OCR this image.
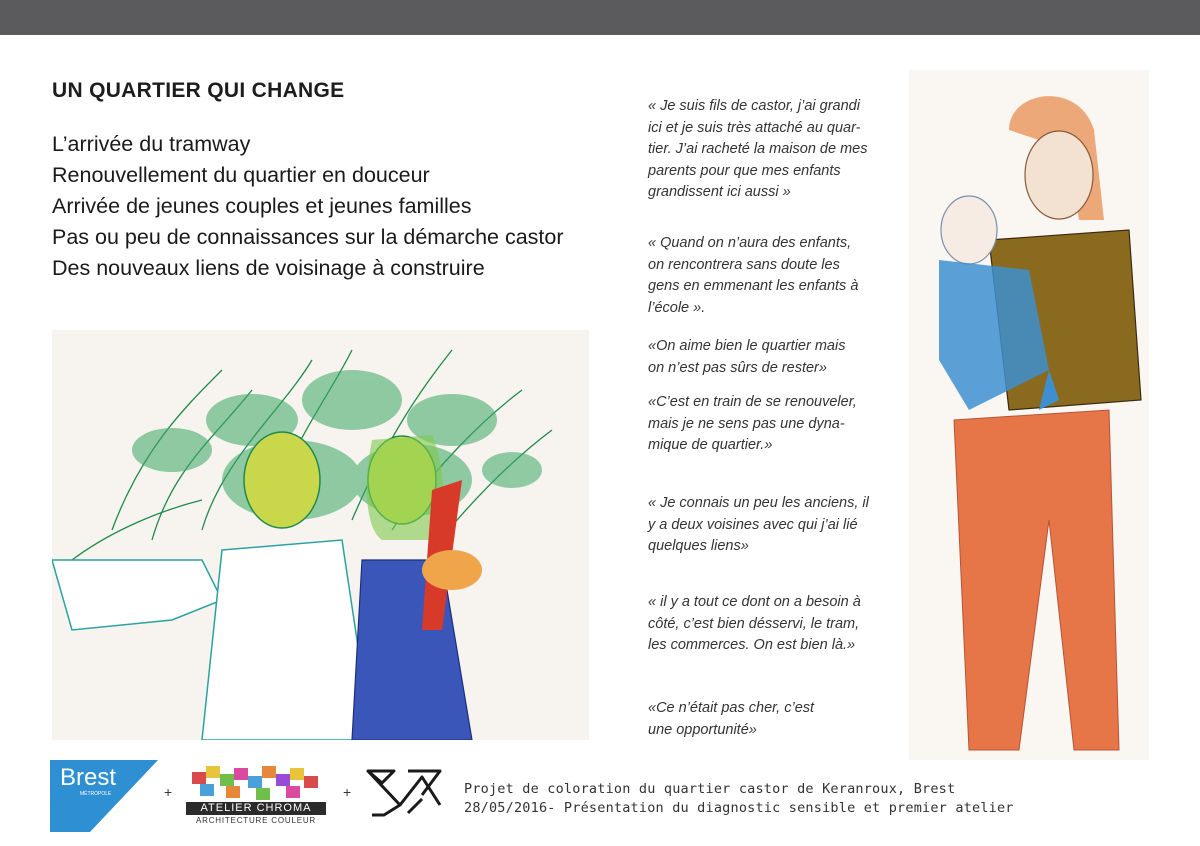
UN QUARTIER QUI CHANGE
L’arrivée du tramway
Renouvellement du quartier en douceur
Arrivée de jeunes couples et jeunes familles
Pas ou peu de connaissances sur la démarche castor
Des nouveaux liens de voisinage à construire
« Je suis fils de castor, j’ai grandi
ici et je suis très attaché au quar-
tier. J’ai racheté la maison de mes
parents pour que mes enfants
grandissent ici aussi »
« Quand on n’aura des enfants,
on rencontrera sans doute les
gens en emmenant les enfants à
l’école ».
«On aime bien le quartier mais
on n’est pas sûrs de rester»
«C’est en train de se renouveler,
mais je ne sens pas une dyna-
mique de quartier.»
« Je connais un peu les anciens, il
y a deux voisines avec qui j’ai lié
quelques liens»
« il y a tout ce dont on a besoin à
côté, c’est bien désservi, le tram,
les commerces. On est bien là.»
«Ce n’était pas cher, c’est
une opportunité»
Brest
MÉTROPOLE	+
ATELIER CHROMA
ARCHITECTURE COULEUR
+	Projet de coloration du quartier castor de Keranroux, Brest
28/05/2016- Présentation du diagnostic sensible et premier atelier
